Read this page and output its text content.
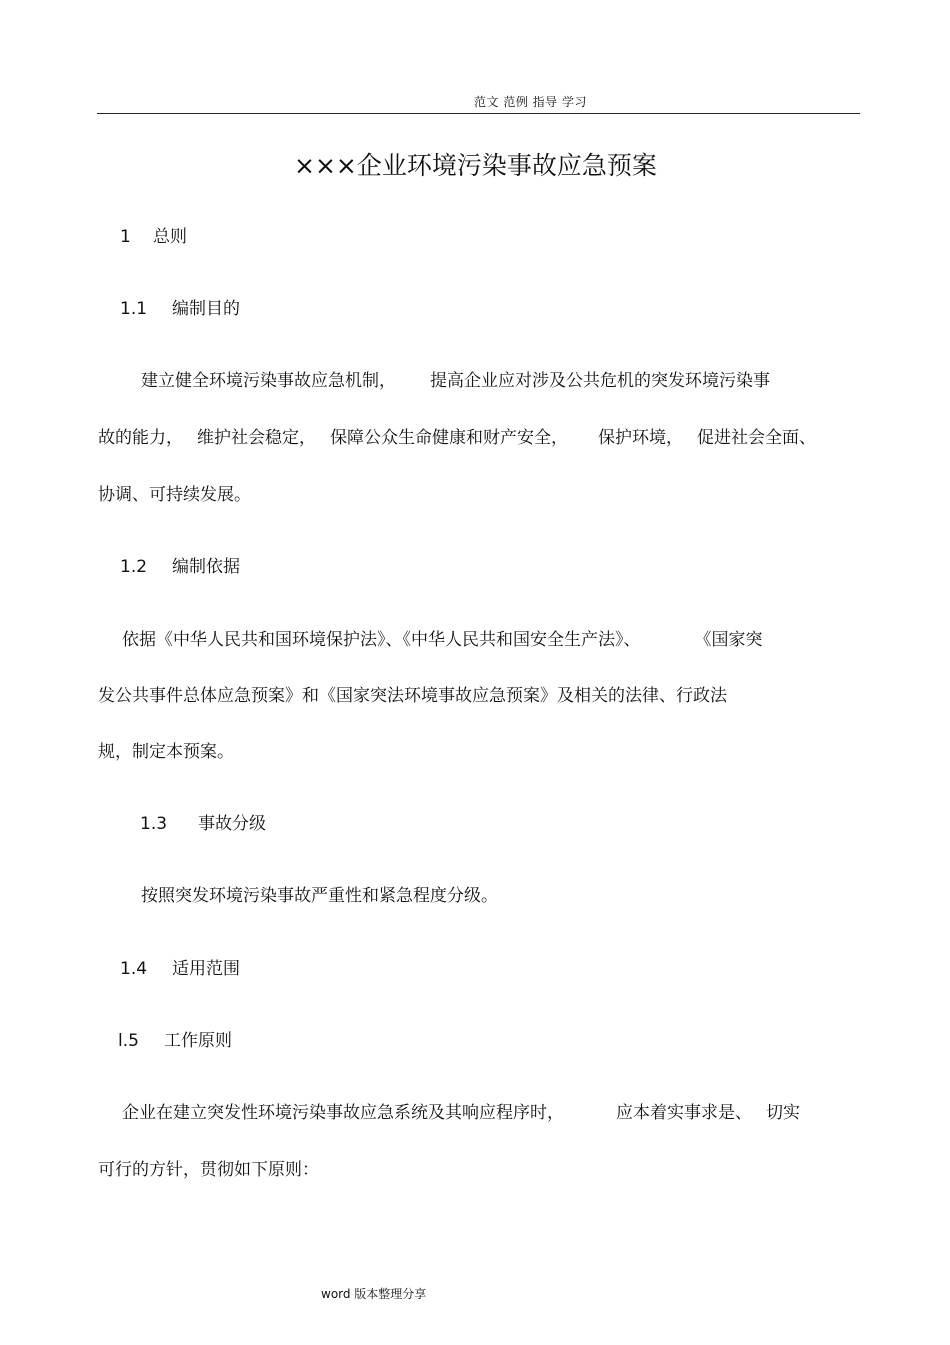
范文 范例 指导 学习
×××企业环境污染事故应急预案
1 总则
1.1 编制目的
建立健全环境污染事故应急机制， 提高企业应对涉及公共危机的突发环境污染事
故的能力， 维护社会稳定， 保障公众生命健康和财产安全， 保护环境， 促进社会全面、
协调、可持续发展。
1.2 编制依据
依据《中华人民共和国环境保护法》、《中华人民共和国安全生产法》、	《国家突
发公共事件总体应急预案》和《国家突法环境事故应急预案》及相关的法律、行政法
规，制定本预案。
1.3 事故分级
按照突发环境污染事故严重性和紧急程度分级。
1.4 适用范围
l.5 工作原则
企业在建立突发性环境污染事故应急系统及其响应程序时，	应本着实事求是、 切实
可行的方针，贯彻如下原则：
word 版本整理分享
